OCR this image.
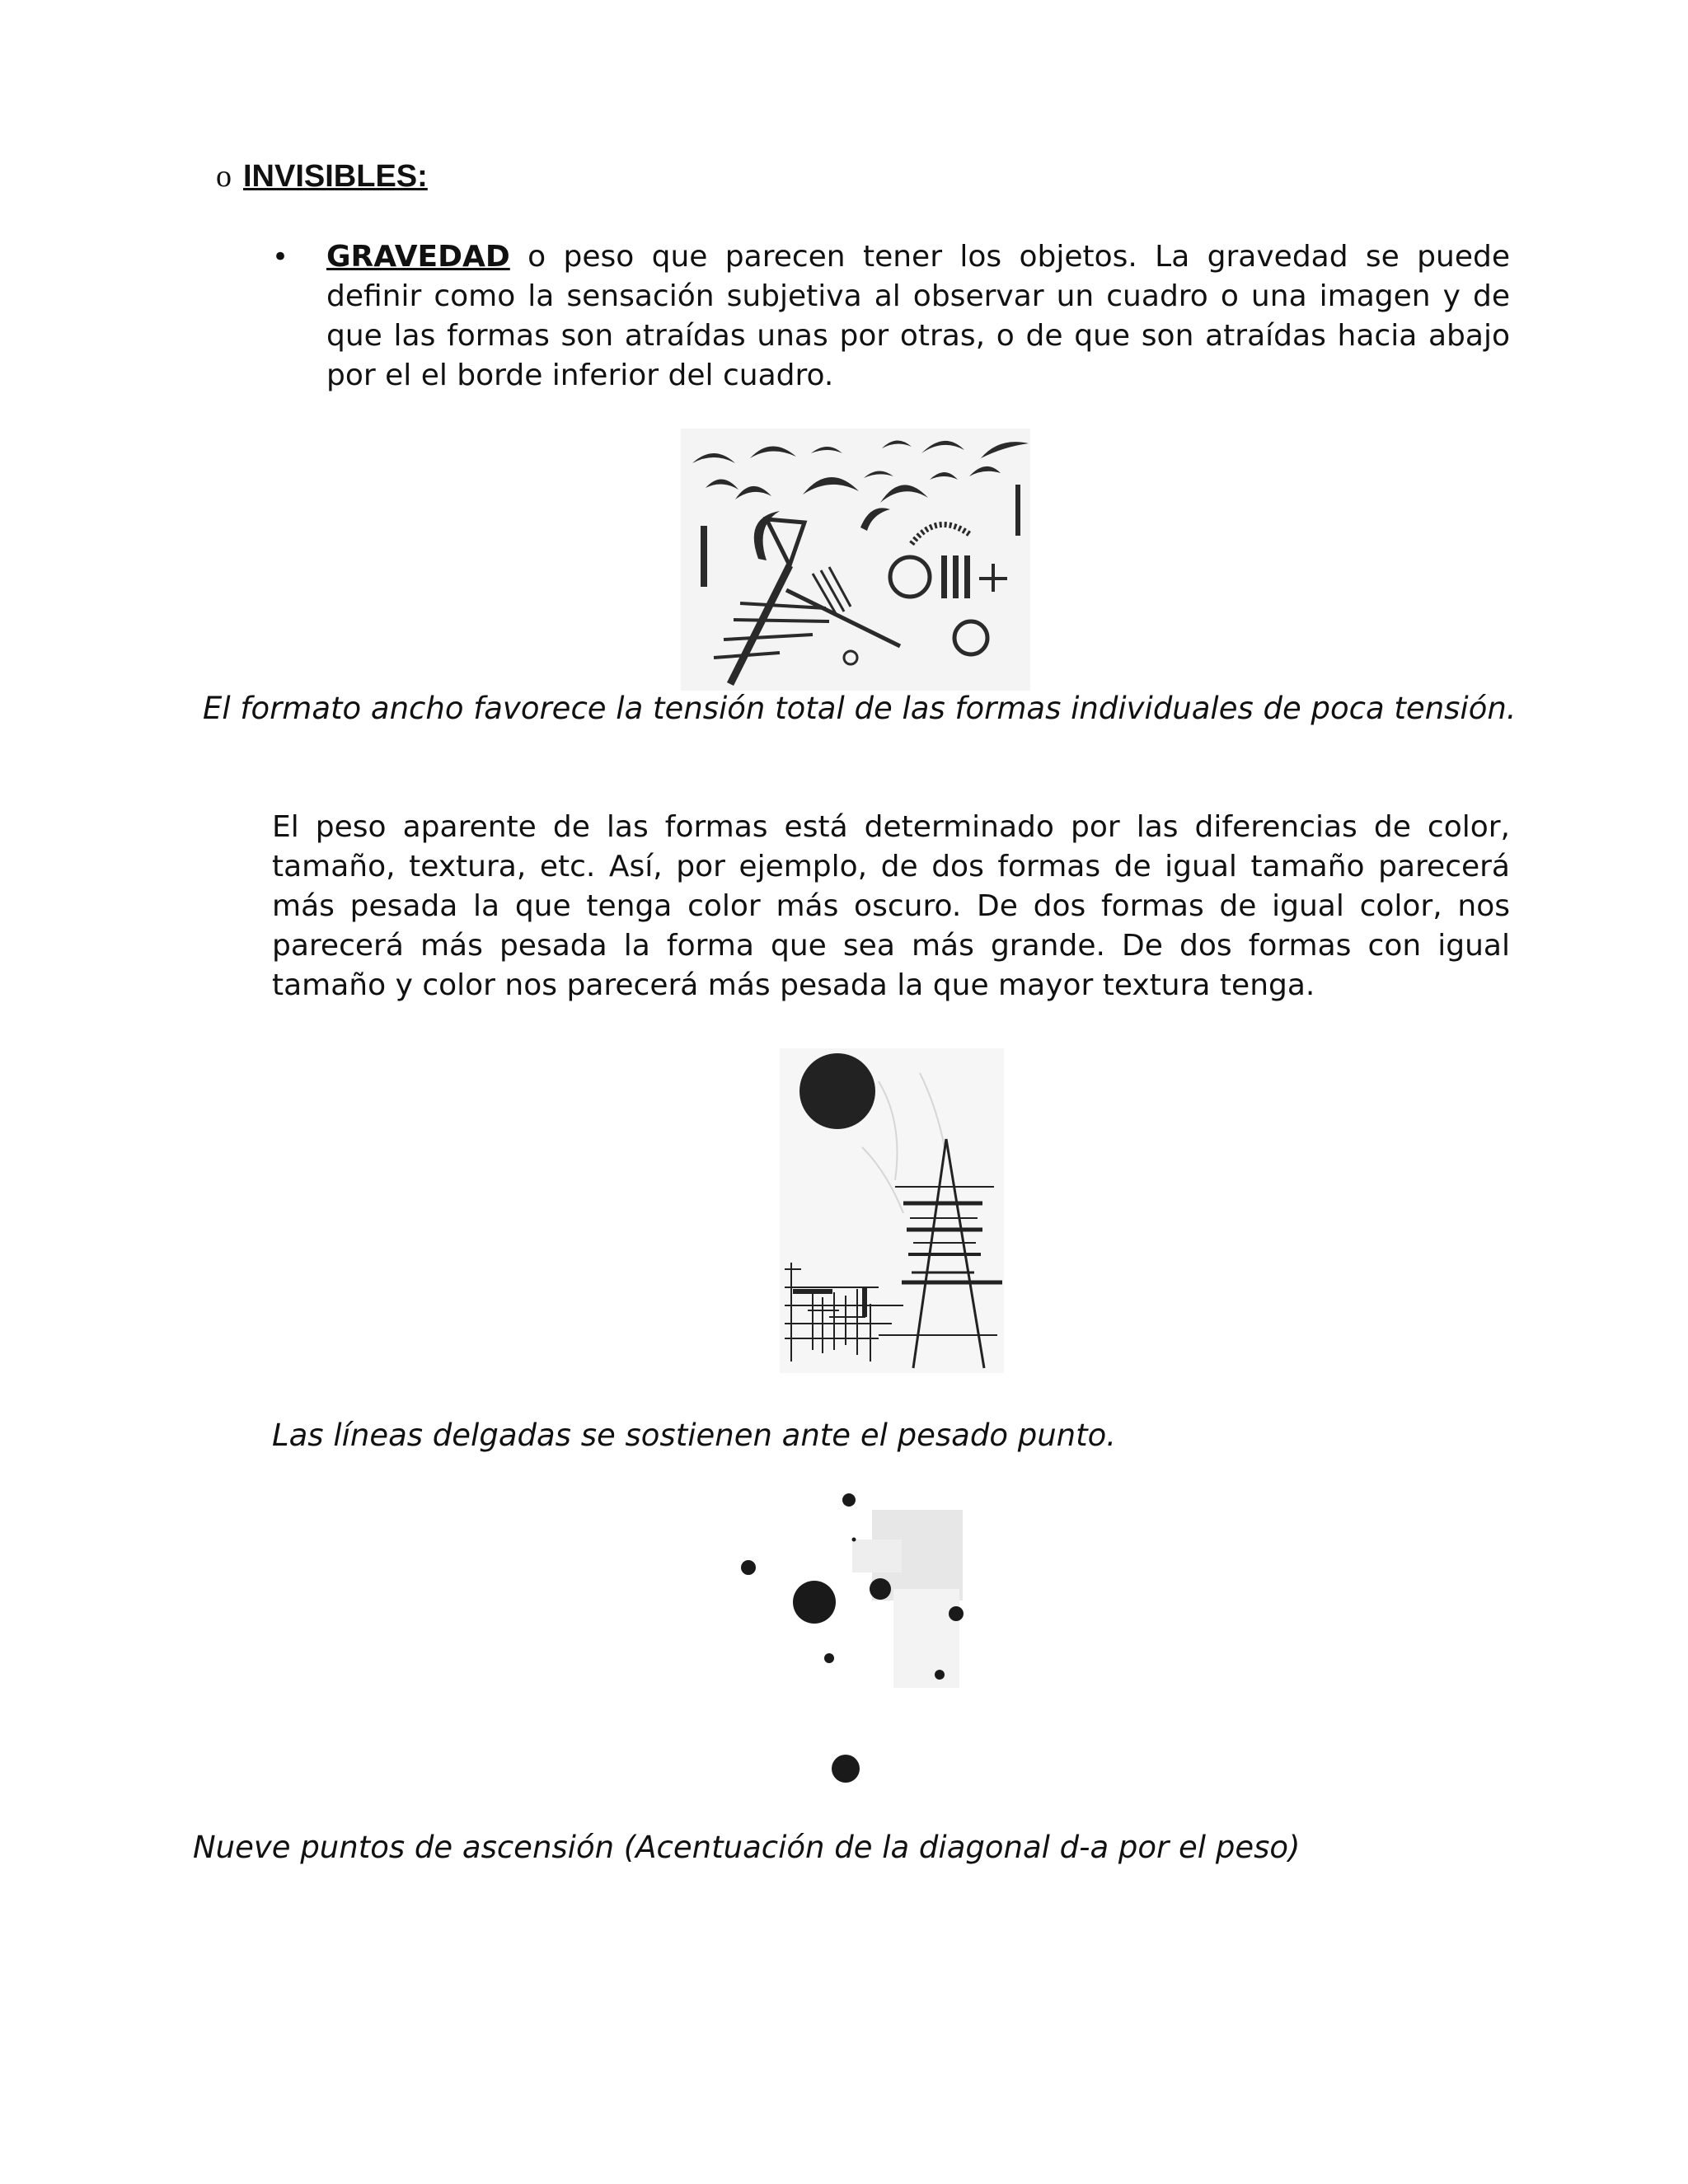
o INVISIBLES:
• GRAVEDAD o peso que parecen tener los objetos. La gravedad se puede definir como la sensación subjetiva al observar un cuadro o una imagen y de que las formas son atraídas unas por otras, o de que son atraídas hacia abajo por el el borde inferior del cuadro.
El formato ancho favorece la tensión total de las formas individuales de poca tensión.
El peso aparente de las formas está determinado por las diferencias de color, tamaño, textura, etc. Así, por ejemplo, de dos formas de igual tamaño parecerá más pesada la que tenga color más oscuro. De dos formas de igual color, nos parecerá más pesada la forma que sea más grande. De dos formas con igual tamaño y color nos parecerá más pesada la que mayor textura tenga.
Las líneas delgadas se sostienen ante el pesado punto.
Nueve puntos de ascensión (Acentuación de la diagonal d-a por el peso)
